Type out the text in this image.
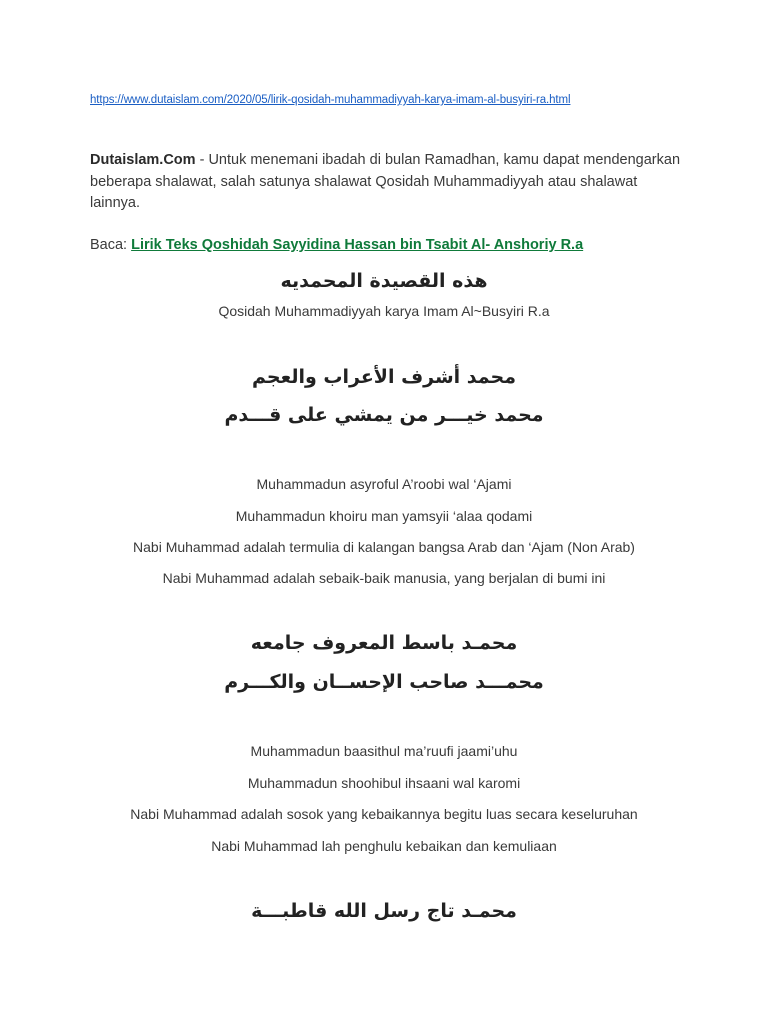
https://www.dutaislam.com/2020/05/lirik-qosidah-muhammadiyyah-karya-imam-al-busyiri-ra.html
Dutaislam.Com - Untuk menemani ibadah di bulan Ramadhan, kamu dapat mendengarkan beberapa shalawat, salah satunya shalawat Qosidah Muhammadiyyah atau shalawat lainnya.
Baca: Lirik Teks Qoshidah Sayyidina Hassan bin Tsabit Al- Anshoriy R.a
هذه القصيدة المحمديه
Qosidah Muhammadiyyah karya Imam Al~Busyiri R.a
محمد أشرف الأعراب والعجم
محمد خيـــر من يمشي على قـــدم
Muhammadun asyroful A’roobi wal ‘Ajami
Muhammadun khoiru man yamsyii ‘alaa qodami
Nabi Muhammad adalah termulia di kalangan bangsa Arab dan ‘Ajam (Non Arab)
Nabi Muhammad adalah sebaik-baik manusia, yang berjalan di bumi ini
محمـد باسط المعروف جامعه
محمـــد صاحب الإحســان والكـــرم
Muhammadun baasithul ma’ruufi jaami’uhu
Muhammadun shoohibul ihsaani wal karomi
Nabi Muhammad adalah sosok yang kebaikannya begitu luas secara keseluruhan
Nabi Muhammad lah penghulu kebaikan dan kemuliaan
محمـد تاج رسل الله قاطبـــة
